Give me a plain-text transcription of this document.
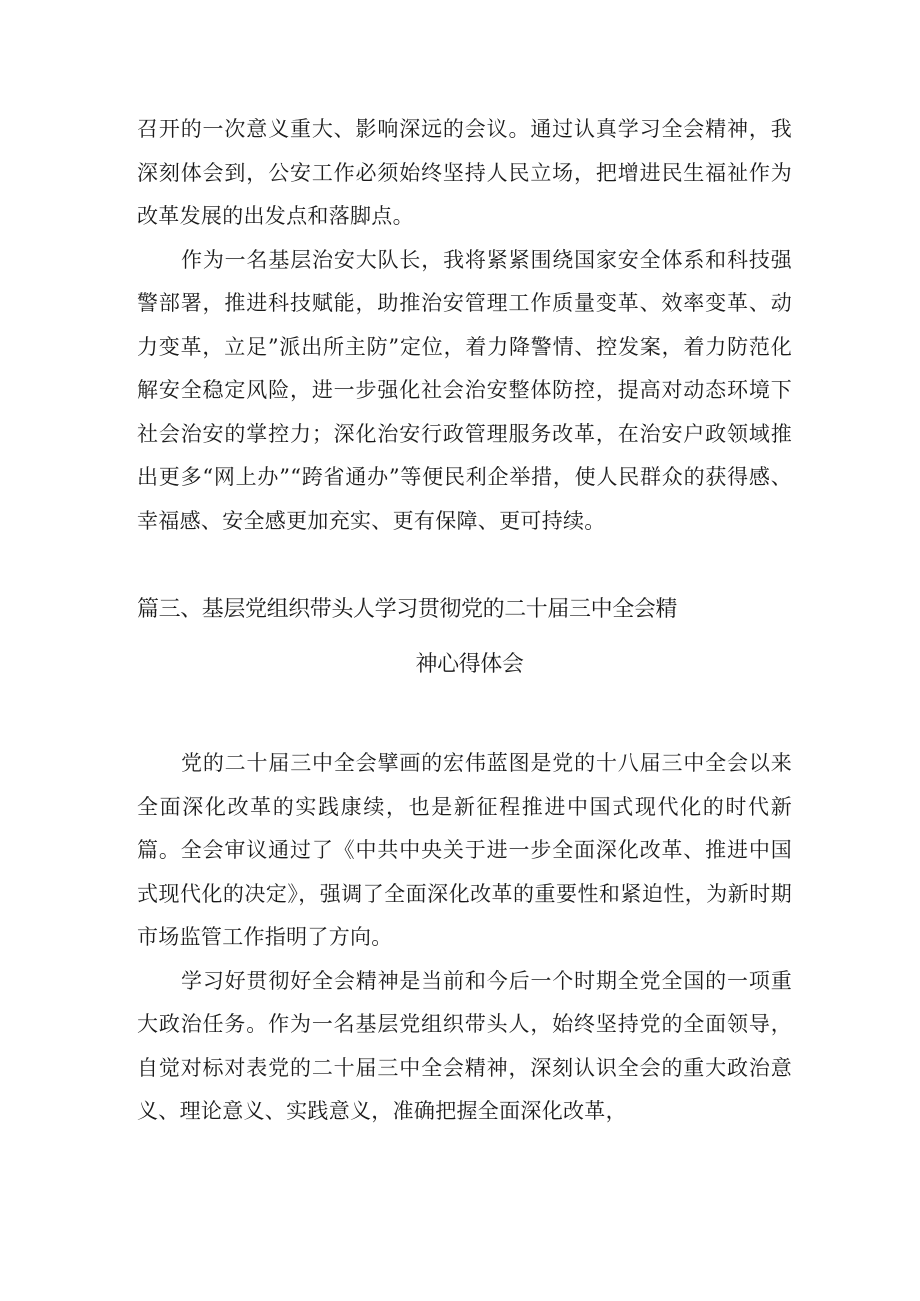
召开的一次意义重大、影响深远的会议。通过认真学习全会精神，我深刻体会到，公安工作必须始终坚持人民立场，把增进民生福祉作为改革发展的出发点和落脚点。

作为一名基层治安大队长，我将紧紧围绕国家安全体系和科技强警部署，推进科技赋能，助推治安管理工作质量变革、效率变革、动力变革，立足”派出所主防”定位，着力降警情、控发案，着力防范化解安全稳定风险，进一步强化社会治安整体防控，提高对动态环境下社会治安的掌控力；深化治安行政管理服务改革，在治安户政领域推出更多“网上办”“跨省通办”等便民利企举措，使人民群众的获得感、幸福感、安全感更加充实、更有保障、更可持续。

篇三、基层党组织带头人学习贯彻党的二十届三中全会精

神心得体会

党的二十届三中全会擘画的宏伟蓝图是党的十八届三中全会以来全面深化改革的实践康续，也是新征程推进中国式现代化的时代新篇。全会审议通过了《中共中央关于进一步全面深化改革、推进中国式现代化的决定》，强调了全面深化改革的重要性和紧迫性，为新时期市场监管工作指明了方向。

学习好贯彻好全会精神是当前和今后一个时期全党全国的一项重大政治任务。作为一名基层党组织带头人，始终坚持党的全面领导，自觉对标对表党的二十届三中全会精神，深刻认识全会的重大政治意义、理论意义、实践意义，准确把握全面深化改革，
